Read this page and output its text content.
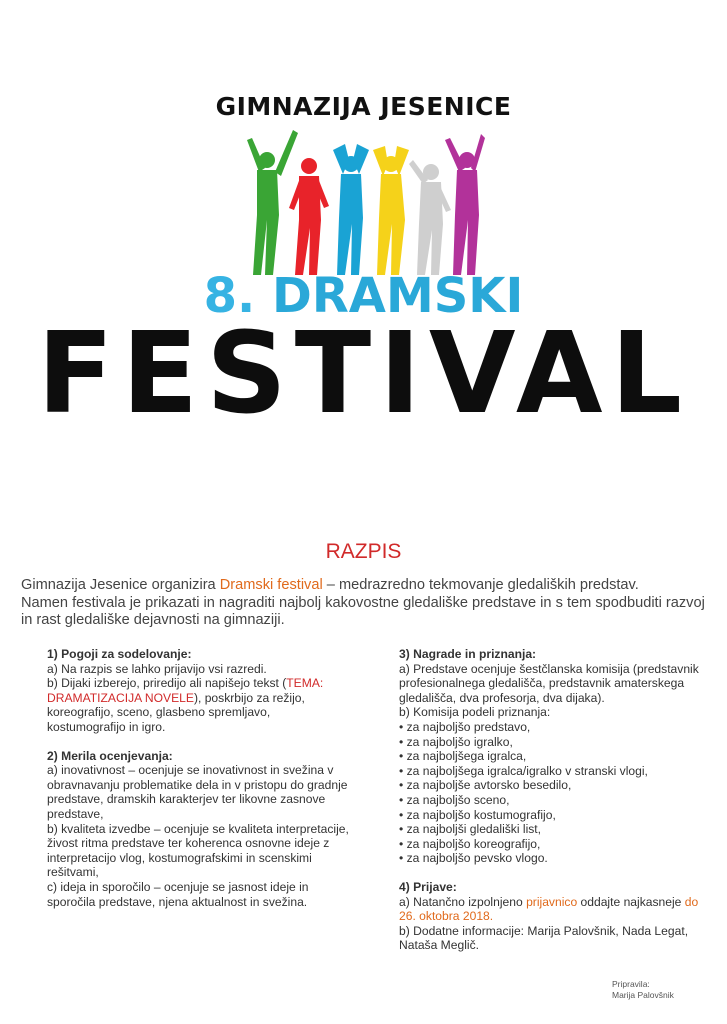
GIMNAZIJA JESENICE
8. DRAMSKI
FESTIVAL
RAZPIS
Gimnazija Jesenice organizira Dramski festival – medrazredno tekmovanje gledaliških predstav.
Namen festivala je prikazati in nagraditi najbolj kakovostne gledališke predstave in s tem spodbuditi razvoj in rast gledališke dejavnosti na gimnaziji.
1) Pogoji za sodelovanje:
a) Na razpis se lahko prijavijo vsi razredi.
b) Dijaki izberejo, priredijo ali napišejo tekst (TEMA: DRAMATIZACIJA NOVELE), poskrbijo za režijo, koreografijo, sceno, glasbeno spremljavo, kostumografijo in igro.
2) Merila ocenjevanja:
a) inovativnost – ocenjuje se inovativnost in svežina v obravnavanju problematike dela in v pristopu do gradnje predstave, dramskih karakterjev ter likovne zasnove predstave,
b) kvaliteta izvedbe – ocenjuje se kvaliteta interpretacije, živost ritma predstave ter koherenca osnovne ideje z interpretacijo vlog, kostumografskimi in scenskimi rešitvami,
c) ideja in sporočilo – ocenjuje se jasnost ideje in sporočila predstave, njena aktualnost in svežina.
3) Nagrade in priznanja:
a) Predstave ocenjuje šestčlanska komisija (predstavnik profesionalnega gledališča, predstavnik amaterskega gledališča, dva profesorja, dva dijaka).
b) Komisija podeli priznanja:
• za najboljšo predstavo,
• za najboljšo igralko,
• za najboljšega igralca,
• za najboljšega igralca/igralko v stranski vlogi,
• za najboljše avtorsko besedilo,
• za najboljšo sceno,
• za najboljšo kostumografijo,
• za najboljši gledališki list,
• za najboljšo koreografijo,
• za najboljšo pevsko vlogo.
4) Prijave:
a) Natančno izpolnjeno prijavnico oddajte najkasneje do 26. oktobra 2018.
b) Dodatne informacije: Marija Palovšnik, Nada Legat, Nataša Meglič.
Pripravila:
Marija Palovšnik
